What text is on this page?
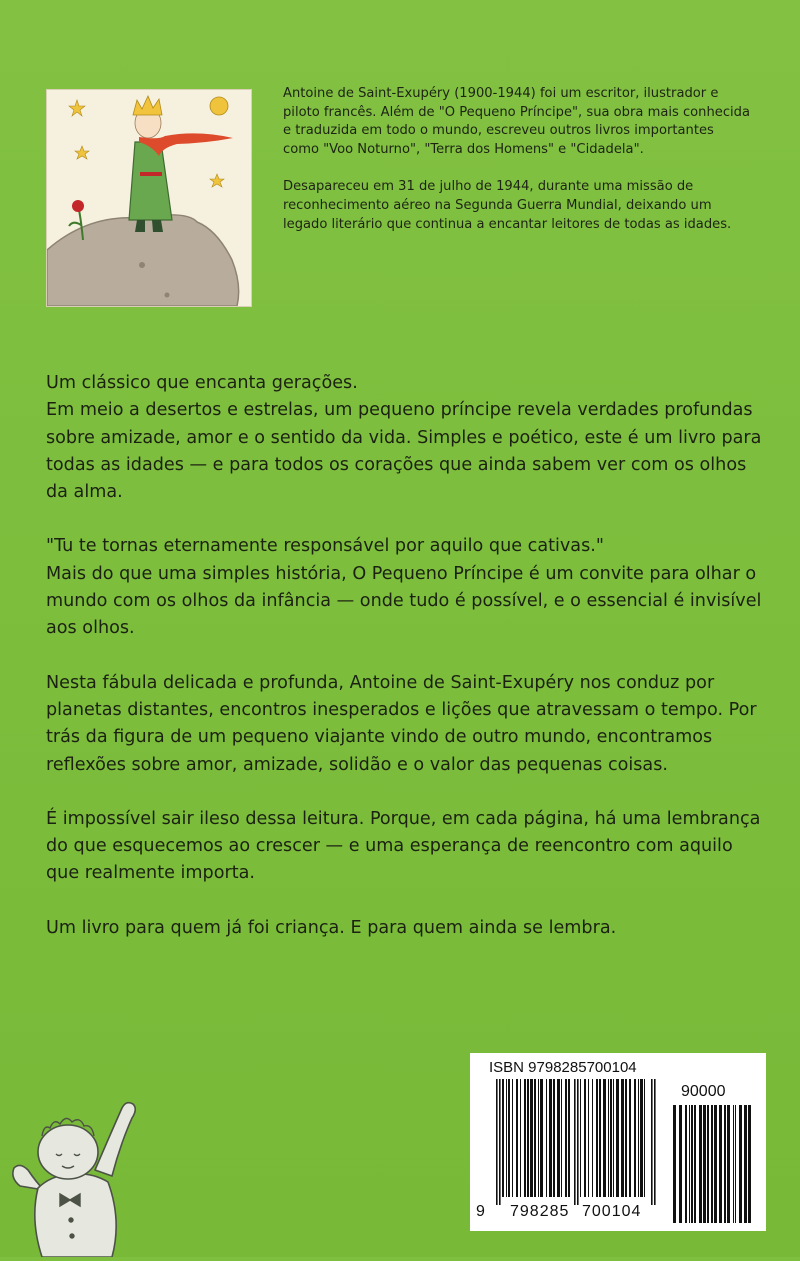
Antoine de Saint-Exupéry (1900-1944) foi um escritor, ilustrador e piloto francês. Além de "O Pequeno Príncipe", sua obra mais conhecida e traduzida em todo o mundo, escreveu outros livros importantes como "Voo Noturno", "Terra dos Homens" e "Cidadela".

Desapareceu em 31 de julho de 1944, durante uma missão de reconhecimento aéreo na Segunda Guerra Mundial, deixando um legado literário que continua a encantar leitores de todas as idades.

Um clássico que encanta gerações.
Em meio a desertos e estrelas, um pequeno príncipe revela verdades profundas sobre amizade, amor e o sentido da vida. Simples e poético, este é um livro para todas as idades — e para todos os corações que ainda sabem ver com os olhos da alma.

"Tu te tornas eternamente responsável por aquilo que cativas."
Mais do que uma simples história, O Pequeno Príncipe é um convite para olhar o mundo com os olhos da infância — onde tudo é possível, e o essencial é invisível aos olhos.

Nesta fábula delicada e profunda, Antoine de Saint-Exupéry nos conduz por planetas distantes, encontros inesperados e lições que atravessam o tempo. Por trás da figura de um pequeno viajante vindo de outro mundo, encontramos reflexões sobre amor, amizade, solidão e o valor das pequenas coisas.

É impossível sair ileso dessa leitura. Porque, em cada página, há uma lembrança do que esquecemos ao crescer — e uma esperança de reencontro com aquilo que realmente importa.

Um livro para quem já foi criança. E para quem ainda se lembra.

ISBN 9798285700104
90000
9 798285 700104
